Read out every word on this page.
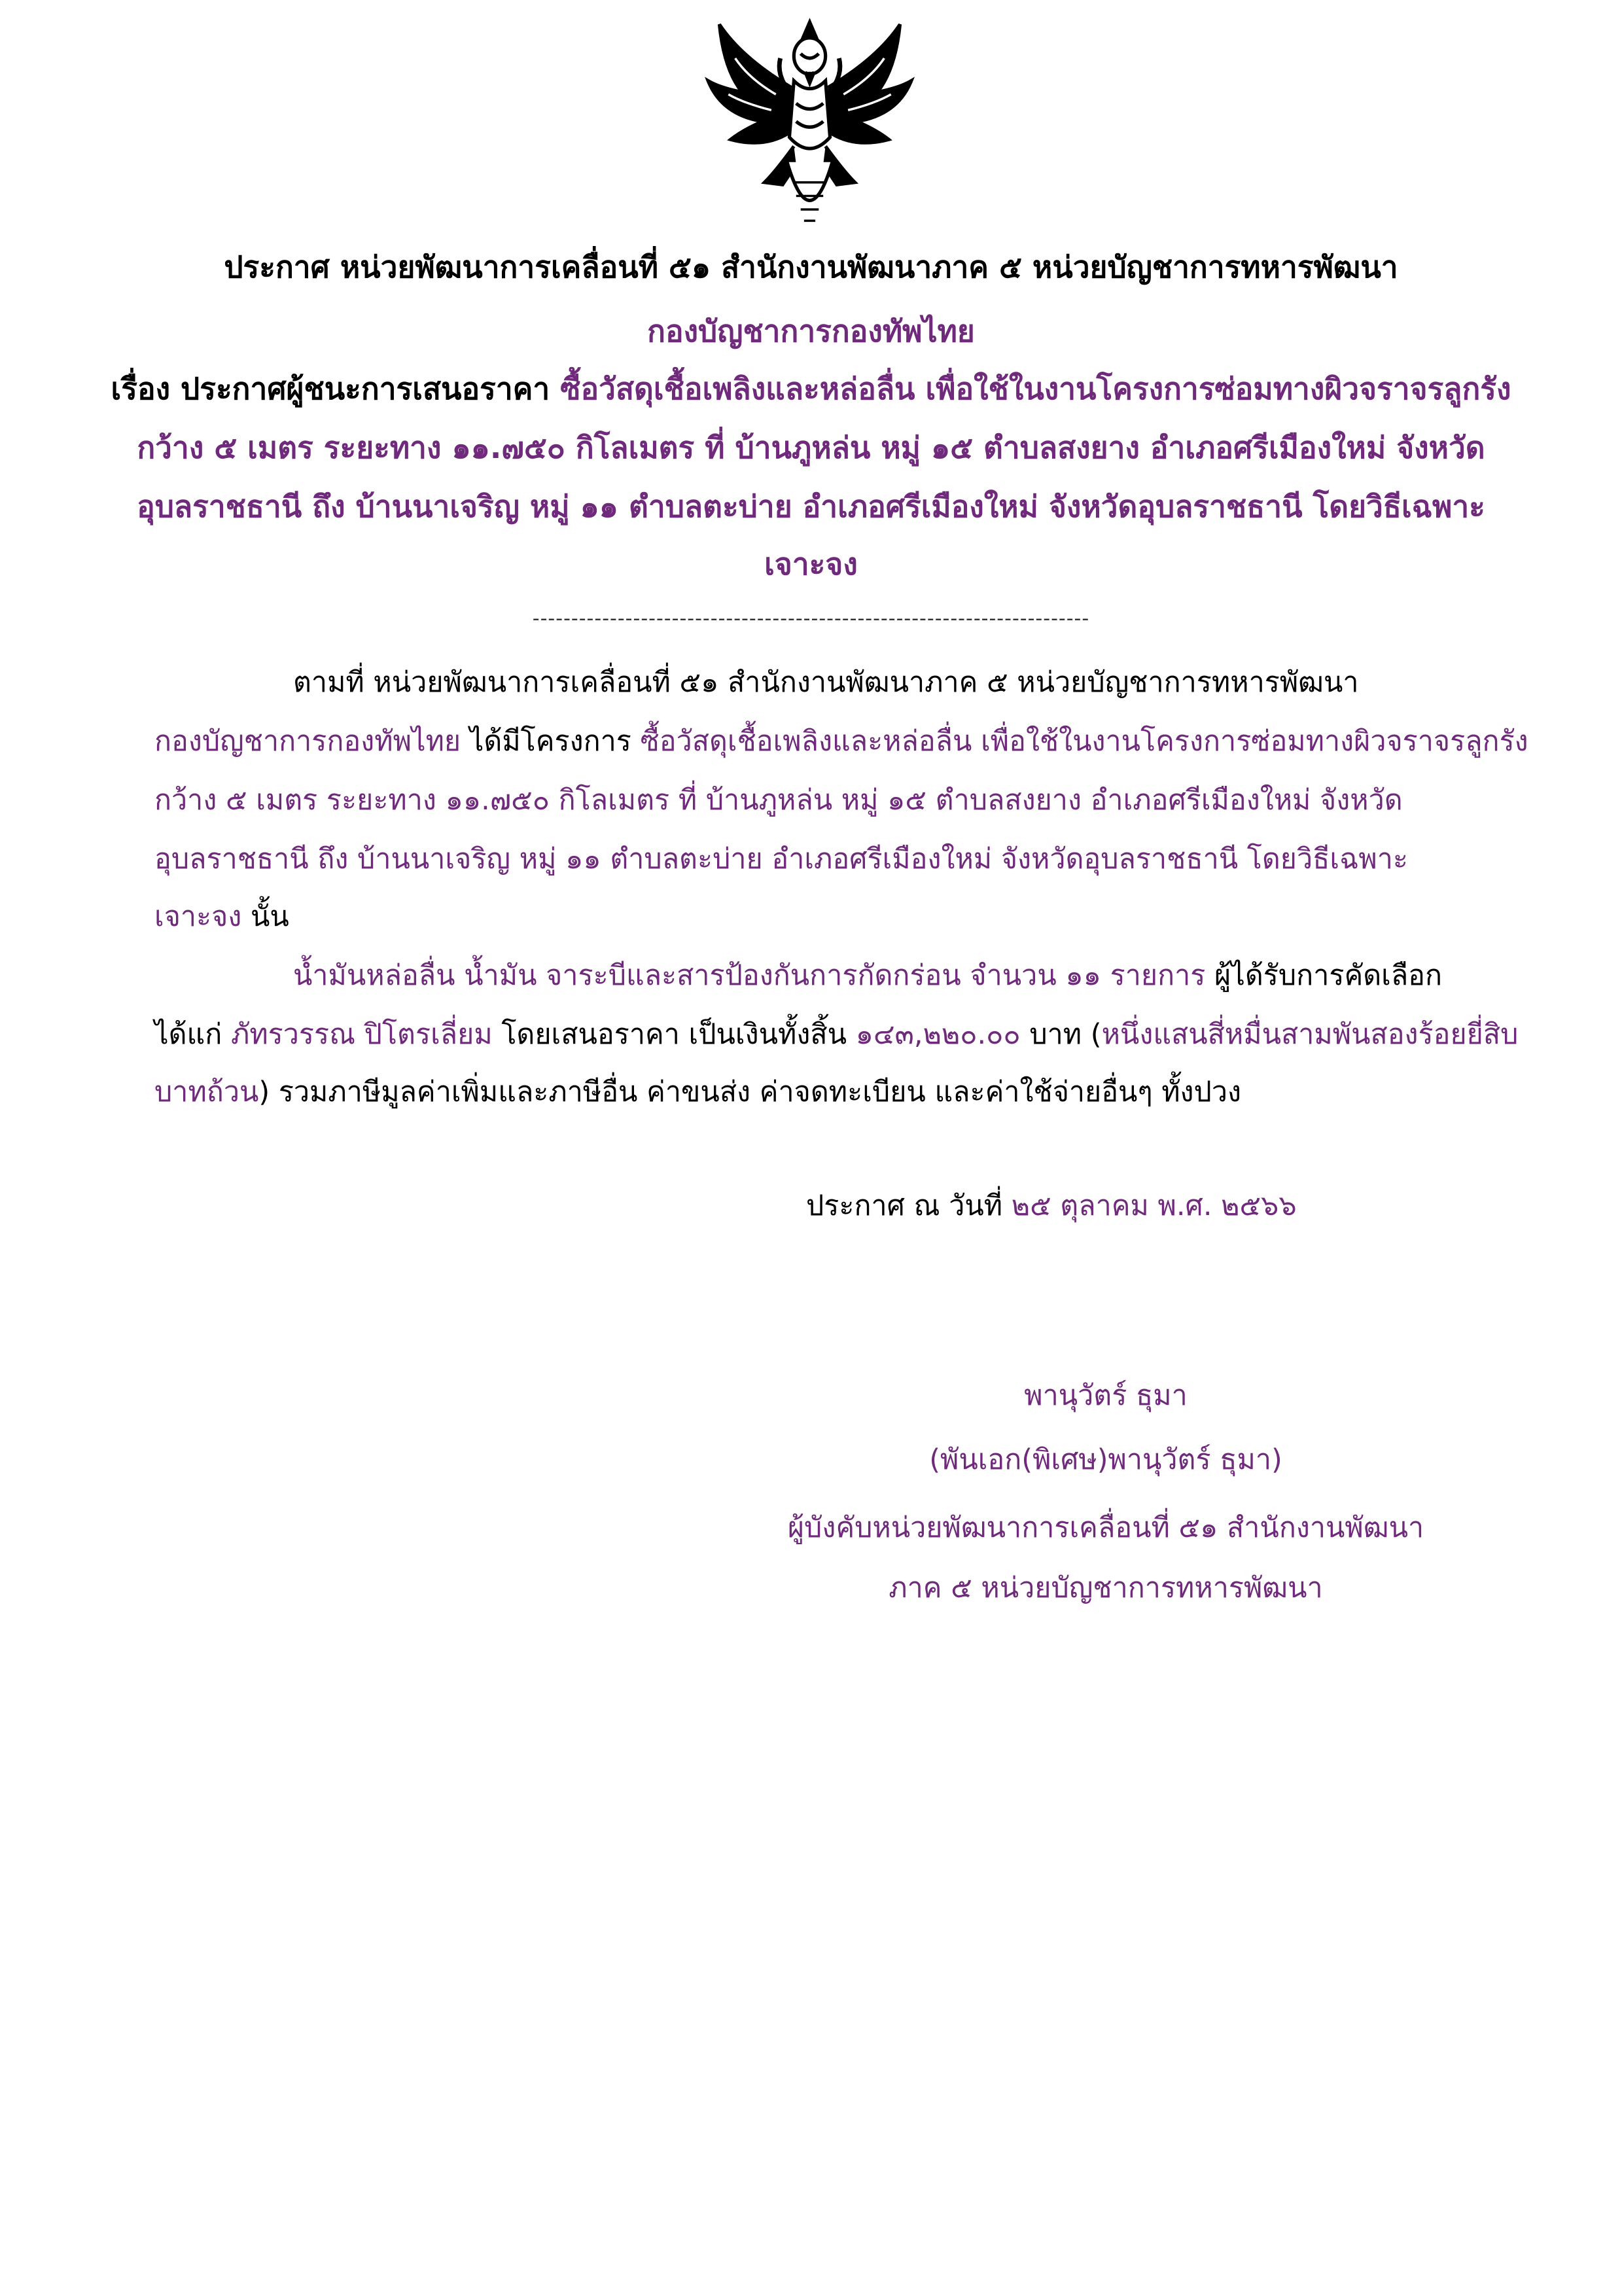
ประกาศ หน่วยพัฒนาการเคลื่อนที่ ๕๑ สำนักงานพัฒนาภาค ๕ หน่วยบัญชาการทหารพัฒนา
กองบัญชาการกองทัพไทย
เรื่อง ประกาศผู้ชนะการเสนอราคา ซื้อวัสดุเชื้อเพลิงและหล่อลื่น เพื่อใช้ในงานโครงการซ่อมทางผิวจราจรลูกรัง
กว้าง ๕ เมตร ระยะทาง ๑๑.๗๕๐ กิโลเมตร ที่ บ้านภูหล่น หมู่ ๑๕ ตำบลสงยาง อำเภอศรีเมืองใหม่ จังหวัด
อุบลราชธานี ถึง บ้านนาเจริญ หมู่ ๑๑ ตำบลตะบ่าย อำเภอศรีเมืองใหม่ จังหวัดอุบลราชธานี โดยวิธีเฉพาะ
เจาะจง
------------------------------------------------------------------------
ตามที่ หน่วยพัฒนาการเคลื่อนที่ ๕๑ สำนักงานพัฒนาภาค ๕ หน่วยบัญชาการทหารพัฒนา
กองบัญชาการกองทัพไทย ได้มีโครงการ ซื้อวัสดุเชื้อเพลิงและหล่อลื่น เพื่อใช้ในงานโครงการซ่อมทางผิวจราจรลูกรัง
กว้าง ๕ เมตร ระยะทาง ๑๑.๗๕๐ กิโลเมตร ที่ บ้านภูหล่น หมู่ ๑๕ ตำบลสงยาง อำเภอศรีเมืองใหม่ จังหวัด
อุบลราชธานี ถึง บ้านนาเจริญ หมู่ ๑๑ ตำบลตะบ่าย อำเภอศรีเมืองใหม่ จังหวัดอุบลราชธานี โดยวิธีเฉพาะ
เจาะจง นั้น
น้ำมันหล่อลื่น น้ำมัน จาระบีและสารป้องกันการกัดกร่อน จำนวน ๑๑ รายการ ผู้ได้รับการคัดเลือก
ได้แก่ ภัทรวรรณ ปิโตรเลี่ยม โดยเสนอราคา เป็นเงินทั้งสิ้น ๑๔๓,๒๒๐.๐๐ บาท (หนึ่งแสนสี่หมื่นสามพันสองร้อยยี่สิบ
บาทถ้วน) รวมภาษีมูลค่าเพิ่มและภาษีอื่น ค่าขนส่ง ค่าจดทะเบียน และค่าใช้จ่ายอื่นๆ ทั้งปวง
ประกาศ ณ วันที่ ๒๕ ตุลาคม พ.ศ. ๒๕๖๖
พานุวัตร์ ธุมา
(พันเอก(พิเศษ)พานุวัตร์ ธุมา)
ผู้บังคับหน่วยพัฒนาการเคลื่อนที่ ๕๑ สำนักงานพัฒนา
ภาค ๕ หน่วยบัญชาการทหารพัฒนา
